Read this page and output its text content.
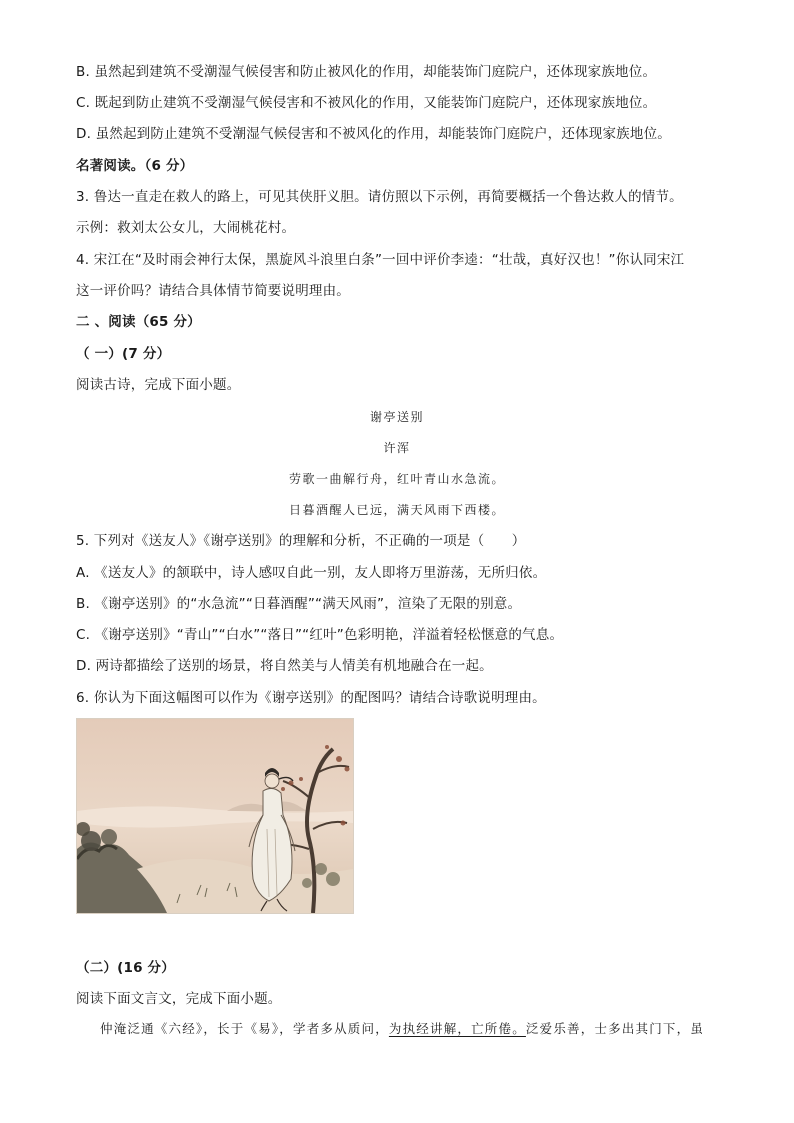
B. 虽然起到建筑不受潮湿气候侵害和防止被风化的作用，却能装饰门庭院户，还体现家族地位。
C. 既起到防止建筑不受潮湿气候侵害和不被风化的作用，又能装饰门庭院户，还体现家族地位。
D. 虽然起到防止建筑不受潮湿气候侵害和不被风化的作用，却能装饰门庭院户，还体现家族地位。
名著阅读。（6 分）
3. 鲁达一直走在救人的路上，可见其侠肝义胆。请仿照以下示例，再简要概括一个鲁达救人的情节。
示例：救刘太公女儿，大闹桃花村。
4. 宋江在“及时雨会神行太保，黑旋风斗浪里白条”一回中评价李逵：“壮哉，真好汉也！”你认同宋江
这一评价吗？请结合具体情节简要说明理由。
二 、阅读（65 分）
（ 一）(7 分）
阅读古诗，完成下面小题。
谢亭送别
许浑
劳歌一曲解行舟，红叶青山水急流。
日暮酒醒人已远，满天风雨下西楼。
5. 下列对《送友人》《谢亭送别》的理解和分析，不正确的一项是（　　）
A. 《送友人》的颔联中，诗人感叹自此一别，友人即将万里游荡，无所归依。
B. 《谢亭送别》的“水急流”“日暮酒醒”“满天风雨”，渲染了无限的别意。
C. 《谢亭送别》“青山”“白水”“落日”“红叶”色彩明艳，洋溢着轻松惬意的气息。
D. 两诗都描绘了送别的场景，将自然美与人情美有机地融合在一起。
6. 你认为下面这幅图可以作为《谢亭送别》的配图吗？请结合诗歌说明理由。
（二）(16 分）
阅读下面文言文，完成下面小题。
仲淹泛通《六经》，长于《易》，学者多从质问，为执经讲解，亡所倦。泛爱乐善，士多出其门下，虽
